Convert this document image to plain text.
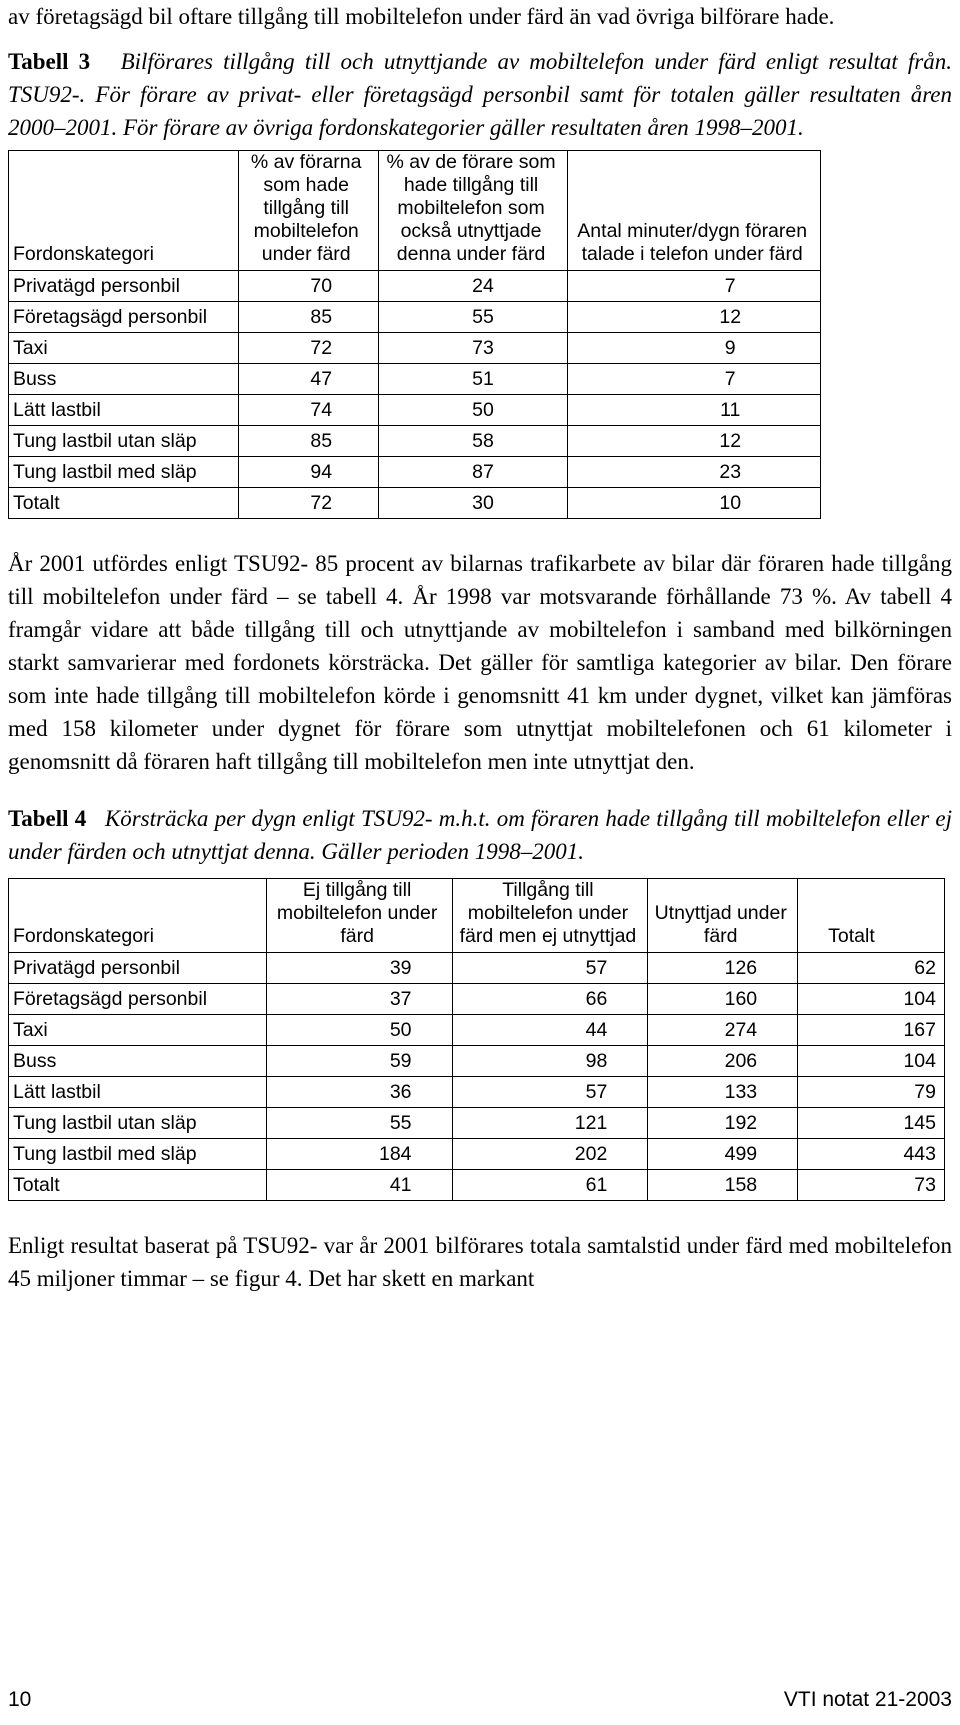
av företagsägd bil oftare tillgång till mobiltelefon under färd än vad övriga bilförare hade.

Tabell 3 Bilförares tillgång till och utnyttjande av mobiltelefon under färd enligt resultat från. TSU92-. För förare av privat- eller företagsägd personbil samt för totalen gäller resultaten åren 2000–2001. För förare av övriga fordonskategorier gäller resultaten åren 1998–2001.

Fordonskategori	% av förarna som hade tillgång till mobiltelefon under färd	% av de förare som hade tillgång till mobiltelefon som också utnyttjade denna under färd	Antal minuter/dygn föraren talade i telefon under färd
Privatägd personbil	70	24	7
Företagsägd personbil	85	55	12
Taxi	72	73	9
Buss	47	51	7
Lätt lastbil	74	50	11
Tung lastbil utan släp	85	58	12
Tung lastbil med släp	94	87	23
Totalt	72	30	10

År 2001 utfördes enligt TSU92- 85 procent av bilarnas trafikarbete av bilar där föraren hade tillgång till mobiltelefon under färd – se tabell 4. År 1998 var motsvarande förhållande 73 %. Av tabell 4 framgår vidare att både tillgång till och utnyttjande av mobiltelefon i samband med bilkörningen starkt samvarierar med fordonets körsträcka. Det gäller för samtliga kategorier av bilar. Den förare som inte hade tillgång till mobiltelefon körde i genomsnitt 41 km under dygnet, vilket kan jämföras med 158 kilometer under dygnet för förare som utnyttjat mobiltelefonen och 61 kilometer i genomsnitt då föraren haft tillgång till mobiltelefon men inte utnyttjat den.

Tabell 4 Körsträcka per dygn enligt TSU92- m.h.t. om föraren hade tillgång till mobiltelefon eller ej under färden och utnyttjat denna. Gäller perioden 1998–2001.

Fordonskategori	Ej tillgång till mobiltelefon under färd	Tillgång till mobiltelefon under färd men ej utnyttjad	Utnyttjad under färd	Totalt
Privatägd personbil	39	57	126	62
Företagsägd personbil	37	66	160	104
Taxi	50	44	274	167
Buss	59	98	206	104
Lätt lastbil	36	57	133	79
Tung lastbil utan släp	55	121	192	145
Tung lastbil med släp	184	202	499	443
Totalt	41	61	158	73

Enligt resultat baserat på TSU92- var år 2001 bilförares totala samtalstid under färd med mobiltelefon 45 miljoner timmar – se figur 4. Det har skett en markant

10	VTI notat 21-2003
